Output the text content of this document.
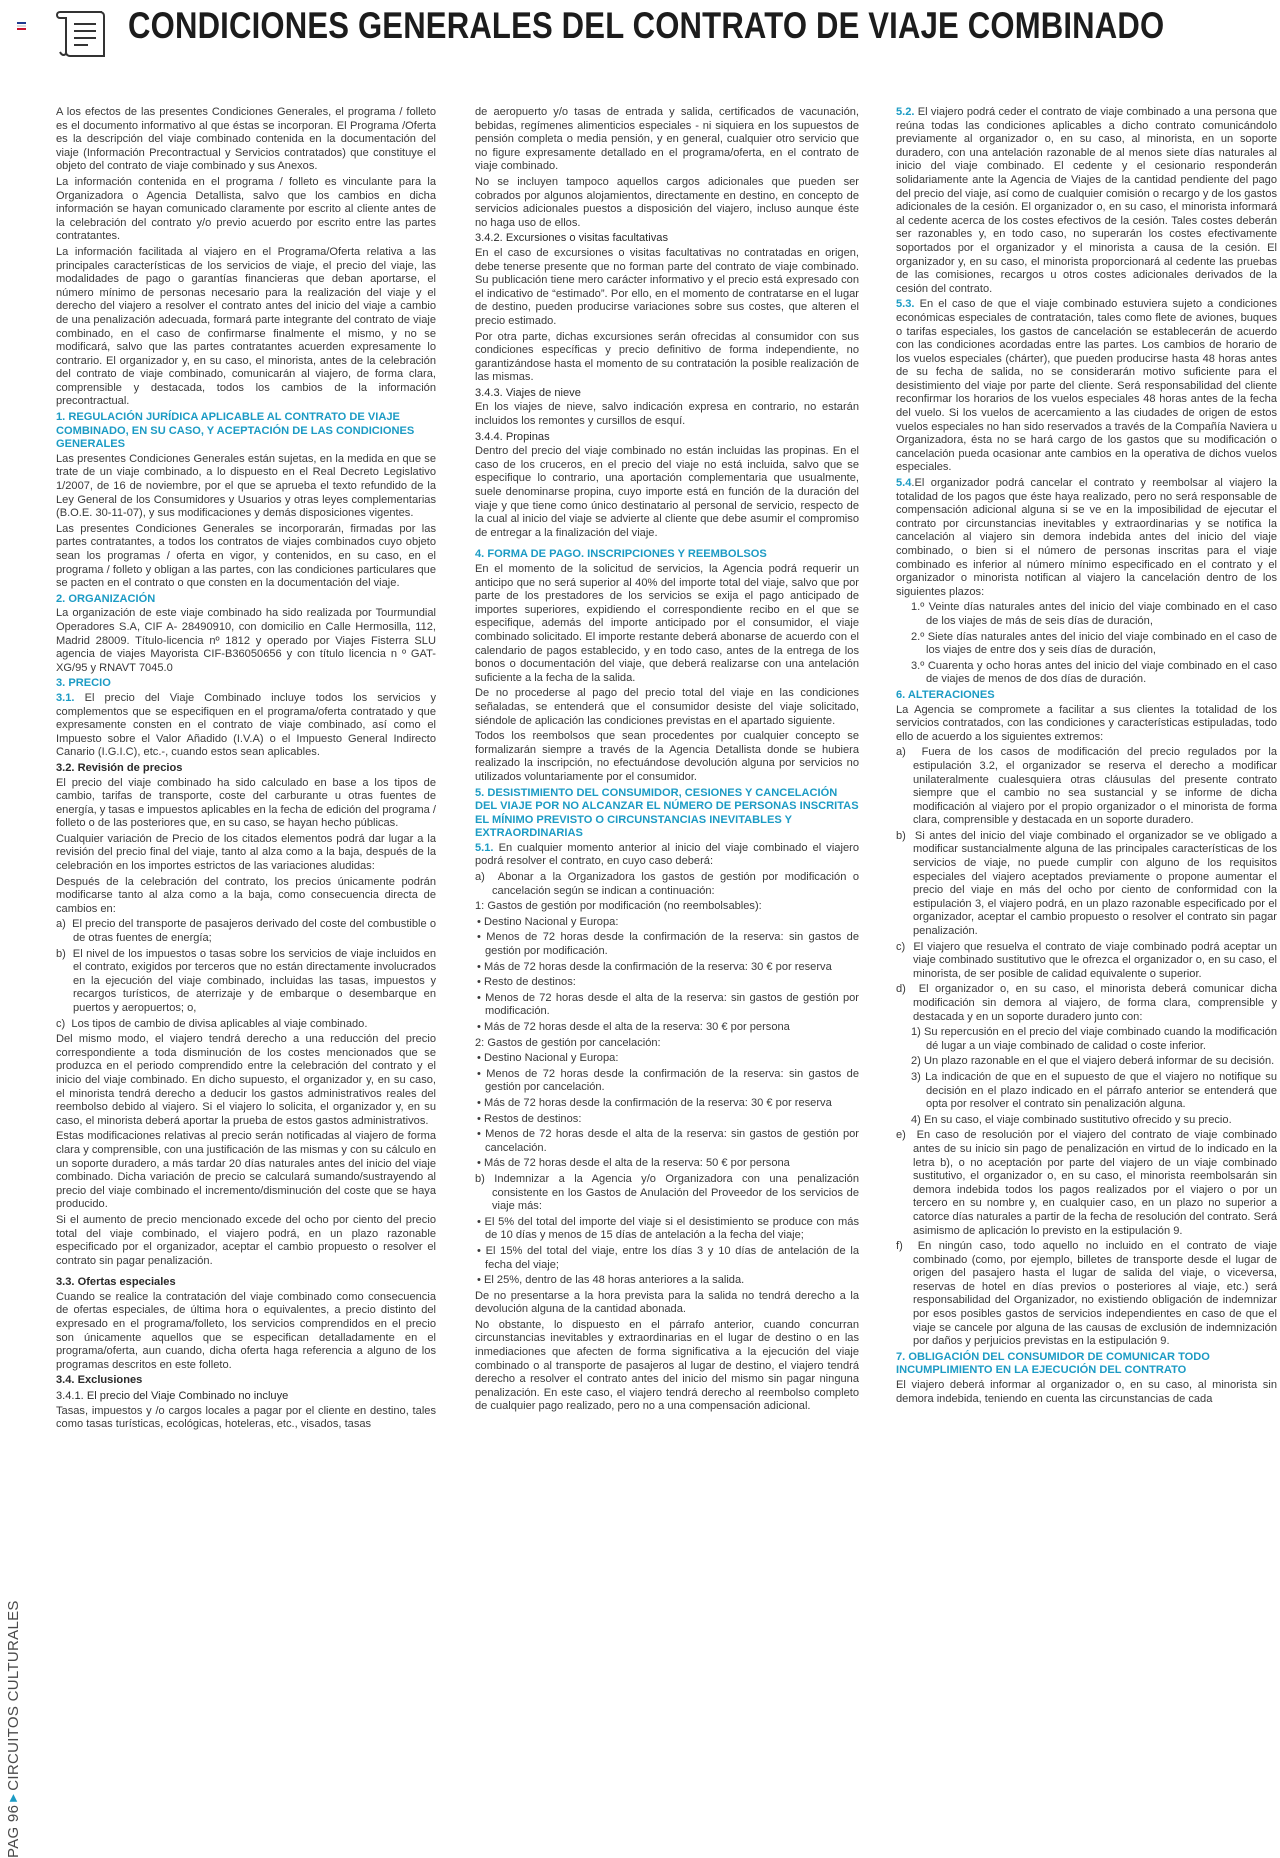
CONDICIONES GENERALES DEL CONTRATO DE VIAJE COMBINADO
PAG 96▶CIRCUITOS CULTURALES

A los efectos de las presentes Condiciones Generales, el programa / folleto es el documento informativo al que éstas se incorporan. El Programa /Oferta es la descripción del viaje combinado contenida en la documentación del viaje (Información Precontractual y Servicios contratados) que constituye el objeto del contrato de viaje combinado y sus Anexos.

La información contenida en el programa / folleto es vinculante para la Organizadora o Agencia Detallista, salvo que los cambios en dicha información se hayan comunicado claramente por escrito al cliente antes de la celebración del contrato y/o previo acuerdo por escrito entre las partes contratantes.

La información facilitada al viajero en el Programa/Oferta relativa a las principales características de los servicios de viaje, el precio del viaje, las modalidades de pago o garantías financieras que deban aportarse, el número mínimo de personas necesario para la realización del viaje y el derecho del viajero a resolver el contrato antes del inicio del viaje a cambio de una penalización adecuada, formará parte integrante del contrato de viaje combinado, en el caso de confirmarse finalmente el mismo, y no se modificará, salvo que las partes contratantes acuerden expresamente lo contrario. El organizador y, en su caso, el minorista, antes de la celebración del contrato de viaje combinado, comunicarán al viajero, de forma clara, comprensible y destacada, todos los cambios de la información precontractual.

1. REGULACIÓN JURÍDICA APLICABLE AL CONTRATO DE VIAJE COMBINADO, EN SU CASO, Y ACEPTACIÓN DE LAS CONDICIONES GENERALES

Las presentes Condiciones Generales están sujetas, en la medida en que se trate de un viaje combinado, a lo dispuesto en el Real Decreto Legislativo 1/2007, de 16 de noviembre, por el que se aprueba el texto refundido de la Ley General de los Consumidores y Usuarios y otras leyes complementarias (B.O.E. 30-11-07), y sus modificaciones y demás disposiciones vigentes.

Las presentes Condiciones Generales se incorporarán, firmadas por las partes contratantes, a todos los contratos de viajes combinados cuyo objeto sean los programas / oferta en vigor, y contenidos, en su caso, en el programa / folleto y obligan a las partes, con las condiciones particulares que se pacten en el contrato o que consten en la documentación del viaje.

2. ORGANIZACIÓN

La organización de este viaje combinado ha sido realizada por Tourmundial Operadores S.A, CIF A- 28490910, con domicilio en Calle Hermosilla, 112, Madrid 28009. Título-licencia nº 1812 y operado por Viajes Fisterra SLU agencia de viajes Mayorista CIF-B36050656 y con título licencia n º GAT-XG/95 y RNAVT 7045.0

3. PRECIO

3.1. El precio del Viaje Combinado incluye todos los servicios y complementos que se especifiquen en el programa/oferta contratado y que expresamente consten en el contrato de viaje combinado, así como el Impuesto sobre el Valor Añadido (I.V.A) o el Impuesto General Indirecto Canario (I.G.I.C), etc.-, cuando estos sean aplicables.

3.2. Revisión de precios

El precio del viaje combinado ha sido calculado en base a los tipos de cambio, tarifas de transporte, coste del carburante u otras fuentes de energía, y tasas e impuestos aplicables en la fecha de edición del programa / folleto o de las posteriores que, en su caso, se hayan hecho públicas.

Cualquier variación de Precio de los citados elementos podrá dar lugar a la revisión del precio final del viaje, tanto al alza como a la baja, después de la celebración en los importes estrictos de las variaciones aludidas:

Después de la celebración del contrato, los precios únicamente podrán modificarse tanto al alza como a la baja, como consecuencia directa de cambios en:

a)  El precio del transporte de pasajeros derivado del coste del combustible o de otras fuentes de energía;

b)  El nivel de los impuestos o tasas sobre los servicios de viaje incluidos en el contrato, exigidos por terceros que no están directamente involucrados en la ejecución del viaje combinado, incluidas las tasas, impuestos y recargos turísticos, de aterrizaje y de embarque o desembarque en puertos y aeropuertos; o,

c)  Los tipos de cambio de divisa aplicables al viaje combinado.

Del mismo modo, el viajero tendrá derecho a una reducción del precio correspondiente a toda disminución de los costes mencionados que se produzca en el periodo comprendido entre la celebración del contrato y el inicio del viaje combinado. En dicho supuesto, el organizador y, en su caso, el minorista tendrá derecho a deducir los gastos administrativos reales del reembolso debido al viajero. Si el viajero lo solicita, el organizador y, en su caso, el minorista deberá aportar la prueba de estos gastos administrativos.

Estas modificaciones relativas al precio serán notificadas al viajero de forma clara y comprensible, con una justificación de las mismas y con su cálculo en un soporte duradero, a más tardar 20 días naturales antes del inicio del viaje combinado. Dicha variación de precio se calculará sumando/sustrayendo al precio del viaje combinado el incremento/disminución del coste que se haya producido.

Si el aumento de precio mencionado excede del ocho por ciento del precio total del viaje combinado, el viajero podrá, en un plazo razonable especificado por el organizador, aceptar el cambio propuesto o resolver el contrato sin pagar penalización.

3.3. Ofertas especiales

Cuando se realice la contratación del viaje combinado como consecuencia de ofertas especiales, de última hora o equivalentes, a precio distinto del expresado en el programa/folleto, los servicios comprendidos en el precio son únicamente aquellos que se especifican detalladamente en el programa/oferta, aun cuando, dicha oferta haga referencia a alguno de los programas descritos en este folleto.

3.4. Exclusiones
3.4.1. El precio del Viaje Combinado no incluye

Tasas, impuestos y /o cargos locales a pagar por el cliente en destino, tales como tasas turísticas, ecológicas, hoteleras, etc., visados, tasas

de aeropuerto y/o tasas de entrada y salida, certificados de vacunación, bebidas, regímenes alimenticios especiales - ni siquiera en los supuestos de pensión completa o media pensión, y en general, cualquier otro servicio que no figure expresamente detallado en el programa/oferta, en el contrato de viaje combinado.

No se incluyen tampoco aquellos cargos adicionales que pueden ser cobrados por algunos alojamientos, directamente en destino, en concepto de servicios adicionales puestos a disposición del viajero, incluso aunque éste no haga uso de ellos.

3.4.2. Excursiones o visitas facultativas

En el caso de excursiones o visitas facultativas no contratadas en origen, debe tenerse presente que no forman parte del contrato de viaje combinado. Su publicación tiene mero carácter informativo y el precio está expresado con el indicativo de “estimado”. Por ello, en el momento de contratarse en el lugar de destino, pueden producirse variaciones sobre sus costes, que alteren el precio estimado.

Por otra parte, dichas excursiones serán ofrecidas al consumidor con sus condiciones específicas y precio definitivo de forma independiente, no garantizándose hasta el momento de su contratación la posible realización de las mismas.

3.4.3. Viajes de nieve

En los viajes de nieve, salvo indicación expresa en contrario, no estarán incluidos los remontes y cursillos de esquí.

3.4.4. Propinas

Dentro del precio del viaje combinado no están incluidas las propinas. En el caso de los cruceros, en el precio del viaje no está incluida, salvo que se especifique lo contrario, una aportación complementaria que usualmente, suele denominarse propina, cuyo importe está en función de la duración del viaje y que tiene como único destinatario al personal de servicio, respecto de la cual al inicio del viaje se advierte al cliente que debe asumir el compromiso de entregar a la finalización del viaje.

4. FORMA DE PAGO. INSCRIPCIONES Y REEMBOLSOS

En el momento de la solicitud de servicios, la Agencia podrá requerir un anticipo que no será superior al 40% del importe total del viaje, salvo que por parte de los prestadores de los servicios se exija el pago anticipado de importes superiores, expidiendo el correspondiente recibo en el que se especifique, además del importe anticipado por el consumidor, el viaje combinado solicitado. El importe restante deberá abonarse de acuerdo con el calendario de pagos establecido, y en todo caso, antes de la entrega de los bonos o documentación del viaje, que deberá realizarse con una antelación suficiente a la fecha de la salida.

De no procederse al pago del precio total del viaje en las condiciones señaladas, se entenderá que el consumidor desiste del viaje solicitado, siéndole de aplicación las condiciones previstas en el apartado siguiente.

Todos los reembolsos que sean procedentes por cualquier concepto se formalizarán siempre a través de la Agencia Detallista donde se hubiera realizado la inscripción, no efectuándose devolución alguna por servicios no utilizados voluntariamente por el consumidor.

5. DESISTIMIENTO DEL CONSUMIDOR, CESIONES Y CANCELACIÓN DEL VIAJE POR NO ALCANZAR EL NÚMERO DE PERSONAS INSCRITAS EL MÍNIMO PREVISTO O CIRCUNSTANCIAS INEVITABLES Y EXTRAORDINARIAS

5.1. En cualquier momento anterior al inicio del viaje combinado el viajero podrá resolver el contrato, en cuyo caso deberá:

a)  Abonar a la Organizadora los gastos de gestión por modificación o cancelación según se indican a continuación:

1: Gastos de gestión por modificación (no reembolsables):

• Destino Nacional y Europa:

• Menos de 72 horas desde la confirmación de la reserva: sin gastos de gestión por modificación.

• Más de 72 horas desde la confirmación de la reserva: 30 € por reserva

• Resto de destinos:

• Menos de 72 horas desde el alta de la reserva: sin gastos de gestión por modificación.

• Más de 72 horas desde el alta de la reserva: 30 € por persona

2: Gastos de gestión por cancelación:

• Destino Nacional y Europa:

• Menos de 72 horas desde la confirmación de la reserva: sin gastos de gestión por cancelación.

• Más de 72 horas desde la confirmación de la reserva: 30 € por reserva

• Restos de destinos:

• Menos de 72 horas desde el alta de la reserva: sin gastos de gestión por cancelación.

• Más de 72 horas desde el alta de la reserva: 50 € por persona

b) Indemnizar a la Agencia y/o Organizadora con una penalización consistente en los Gastos de Anulación del Proveedor de los servicios de viaje más:

• El 5% del total del importe del viaje si el desistimiento se produce con más de 10 días y menos de 15 días de antelación a la fecha del viaje;

• El 15% del total del viaje, entre los días 3 y 10 días de antelación de la fecha del viaje;

• El 25%, dentro de las 48 horas anteriores a la salida.

De no presentarse a la hora prevista para la salida no tendrá derecho a la devolución alguna de la cantidad abonada.

No obstante, lo dispuesto en el párrafo anterior, cuando concurran circunstancias inevitables y extraordinarias en el lugar de destino o en las inmediaciones que afecten de forma significativa a la ejecución del viaje combinado o al transporte de pasajeros al lugar de destino, el viajero tendrá derecho a resolver el contrato antes del inicio del mismo sin pagar ninguna penalización. En este caso, el viajero tendrá derecho al reembolso completo de cualquier pago realizado, pero no a una compensación adicional.

5.2. El viajero podrá ceder el contrato de viaje combinado a una persona que reúna todas las condiciones aplicables a dicho contrato comunicándolo previamente al organizador o, en su caso, al minorista, en un soporte duradero, con una antelación razonable de al menos siete días naturales al inicio del viaje combinado. El cedente y el cesionario responderán solidariamente ante la Agencia de Viajes de la cantidad pendiente del pago del precio del viaje, así como de cualquier comisión o recargo y de los gastos adicionales de la cesión. El organizador o, en su caso, el minorista informará al cedente acerca de los costes efectivos de la cesión. Tales costes deberán ser razonables y, en todo caso, no superarán los costes efectivamente soportados por el organizador y el minorista a causa de la cesión. El organizador y, en su caso, el minorista proporcionará al cedente las pruebas de las comisiones, recargos u otros costes adicionales derivados de la cesión del contrato.

5.3. En el caso de que el viaje combinado estuviera sujeto a condiciones económicas especiales de contratación, tales como flete de aviones, buques o tarifas especiales, los gastos de cancelación se establecerán de acuerdo con las condiciones acordadas entre las partes. Los cambios de horario de los vuelos especiales (chárter), que pueden producirse hasta 48 horas antes de su fecha de salida, no se considerarán motivo suficiente para el desistimiento del viaje por parte del cliente. Será responsabilidad del cliente reconfirmar los horarios de los vuelos especiales 48 horas antes de la fecha del vuelo. Si los vuelos de acercamiento a las ciudades de origen de estos vuelos especiales no han sido reservados a través de la Compañía Naviera u Organizadora, ésta no se hará cargo de los gastos que su modificación o cancelación pueda ocasionar ante cambios en la operativa de dichos vuelos especiales.

5.4.El organizador podrá cancelar el contrato y reembolsar al viajero la totalidad de los pagos que éste haya realizado, pero no será responsable de compensación adicional alguna si se ve en la imposibilidad de ejecutar el contrato por circunstancias inevitables y extraordinarias y se notifica la cancelación al viajero sin demora indebida antes del inicio del viaje combinado, o bien si el número de personas inscritas para el viaje combinado es inferior al número mínimo especificado en el contrato y el organizador o minorista notifican al viajero la cancelación dentro de los siguientes plazos:

1.º Veinte días naturales antes del inicio del viaje combinado en el caso de los viajes de más de seis días de duración,

2.º Siete días naturales antes del inicio del viaje combinado en el caso de los viajes de entre dos y seis días de duración,

3.º Cuarenta y ocho horas antes del inicio del viaje combinado en el caso de viajes de menos de dos días de duración.

6. ALTERACIONES

La Agencia se compromete a facilitar a sus clientes la totalidad de los servicios contratados, con las condiciones y características estipuladas, todo ello de acuerdo a los siguientes extremos:

a)  Fuera de los casos de modificación del precio regulados por la estipulación 3.2, el organizador se reserva el derecho a modificar unilateralmente cualesquiera otras cláusulas del presente contrato siempre que el cambio no sea sustancial y se informe de dicha modificación al viajero por el propio organizador o el minorista de forma clara, comprensible y destacada en un soporte duradero.

b)  Si antes del inicio del viaje combinado el organizador se ve obligado a modificar sustancialmente alguna de las principales características de los servicios de viaje, no puede cumplir con alguno de los requisitos especiales del viajero aceptados previamente o propone aumentar el precio del viaje en más del ocho por ciento de conformidad con la estipulación 3, el viajero podrá, en un plazo razonable especificado por el organizador, aceptar el cambio propuesto o resolver el contrato sin pagar penalización.

c)  El viajero que resuelva el contrato de viaje combinado podrá aceptar un viaje combinado sustitutivo que le ofrezca el organizador o, en su caso, el minorista, de ser posible de calidad equivalente o superior.

d)  El organizador o, en su caso, el minorista deberá comunicar dicha modificación sin demora al viajero, de forma clara, comprensible y destacada y en un soporte duradero junto con:

1) Su repercusión en el precio del viaje combinado cuando la modificación dé lugar a un viaje combinado de calidad o coste inferior.

2) Un plazo razonable en el que el viajero deberá informar de su decisión.

3) La indicación de que en el supuesto de que el viajero no notifique su decisión en el plazo indicado en el párrafo anterior se entenderá que opta por resolver el contrato sin penalización alguna.

4) En su caso, el viaje combinado sustitutivo ofrecido y su precio.

e)  En caso de resolución por el viajero del contrato de viaje combinado antes de su inicio sin pago de penalización en virtud de lo indicado en la letra b), o no aceptación por parte del viajero de un viaje combinado sustitutivo, el organizador o, en su caso, el minorista reembolsarán sin demora indebida todos los pagos realizados por el viajero o por un tercero en su nombre y, en cualquier caso, en un plazo no superior a catorce días naturales a partir de la fecha de resolución del contrato. Será asimismo de aplicación lo previsto en la estipulación 9.

f)  En ningún caso, todo aquello no incluido en el contrato de viaje combinado (como, por ejemplo, billetes de transporte desde el lugar de origen del pasajero hasta el lugar de salida del viaje, o viceversa, reservas de hotel en días previos o posteriores al viaje, etc.) será responsabilidad del Organizador, no existiendo obligación de indemnizar por esos posibles gastos de servicios independientes en caso de que el viaje se cancele por alguna de las causas de exclusión de indemnización por daños y perjuicios previstas en la estipulación 9.

7. OBLIGACIÓN DEL CONSUMIDOR DE COMUNICAR TODO INCUMPLIMIENTO EN LA EJECUCIÓN DEL CONTRATO

El viajero deberá informar al organizador o, en su caso, al minorista sin demora indebida, teniendo en cuenta las circunstancias de cada
